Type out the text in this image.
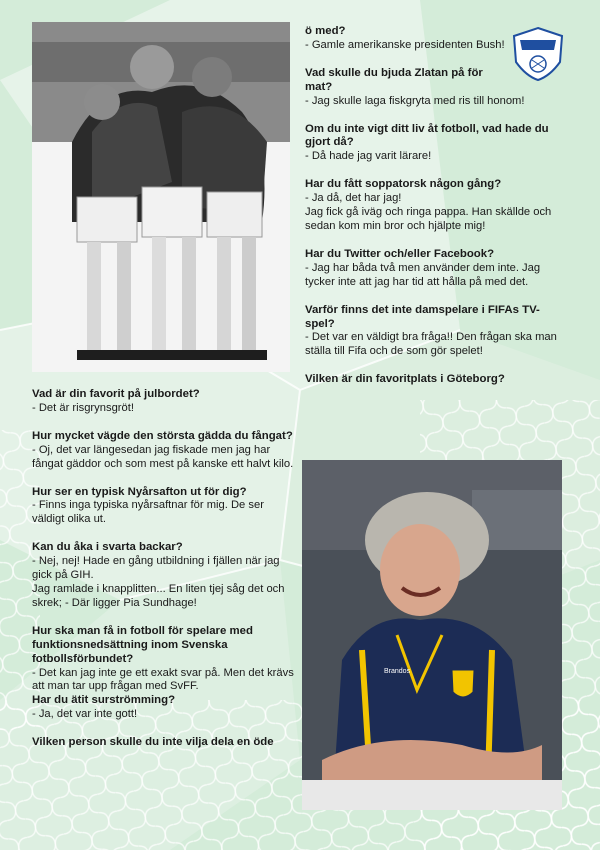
ö med?
- Gamle amerikanske presidenten Bush!
Vad skulle du bjuda Zlatan på för mat?
- Jag skulle laga fiskgryta med ris till honom!
Om du inte vigt ditt liv åt fotboll, vad hade du gjort då?
- Då hade jag varit lärare!
Har du fått soppatorsk någon gång?
- Ja då, det har jag!
Jag fick gå iväg och ringa pappa. Han skällde och sedan kom min bror och hjälpte mig!
Har du Twitter och/eller Facebook?
- Jag har båda två men använder dem inte. Jag tycker inte att jag har tid att hålla på med det.
Varför finns det inte damspelare i FIFAs TV-spel?
- Det var en väldigt bra fråga!! Den frågan ska man ställa till Fifa och de som gör spelet!
Vilken är din favoritplats i Göteborg?
Brandos
Vad är din favorit på julbordet?
- Det är risgrynsgröt!
Hur mycket vägde den största gädda du fångat?
- Oj, det var längesedan jag fiskade men jag har fångat gäddor och som mest på kanske ett halvt kilo.
Hur ser en typisk Nyårsafton ut för dig?
- Finns inga typiska nyårsaftnar för mig. De ser väldigt olika ut.
Kan du åka i svarta backar?
- Nej, nej! Hade en gång utbildning i fjällen när jag gick på GIH.
Jag ramlade i knapplitten... En liten tjej såg det och skrek; - Där ligger Pia Sundhage!
Hur ska man få in fotboll för spelare med funktionsnedsättning inom Svenska fotbollsförbundet?
- Det kan jag inte ge ett exakt svar på. Men det krävs att man tar upp frågan med SvFF.
Har du ätit surströmming?
- Ja, det var inte gott!
Vilken person skulle du inte vilja dela en öde
